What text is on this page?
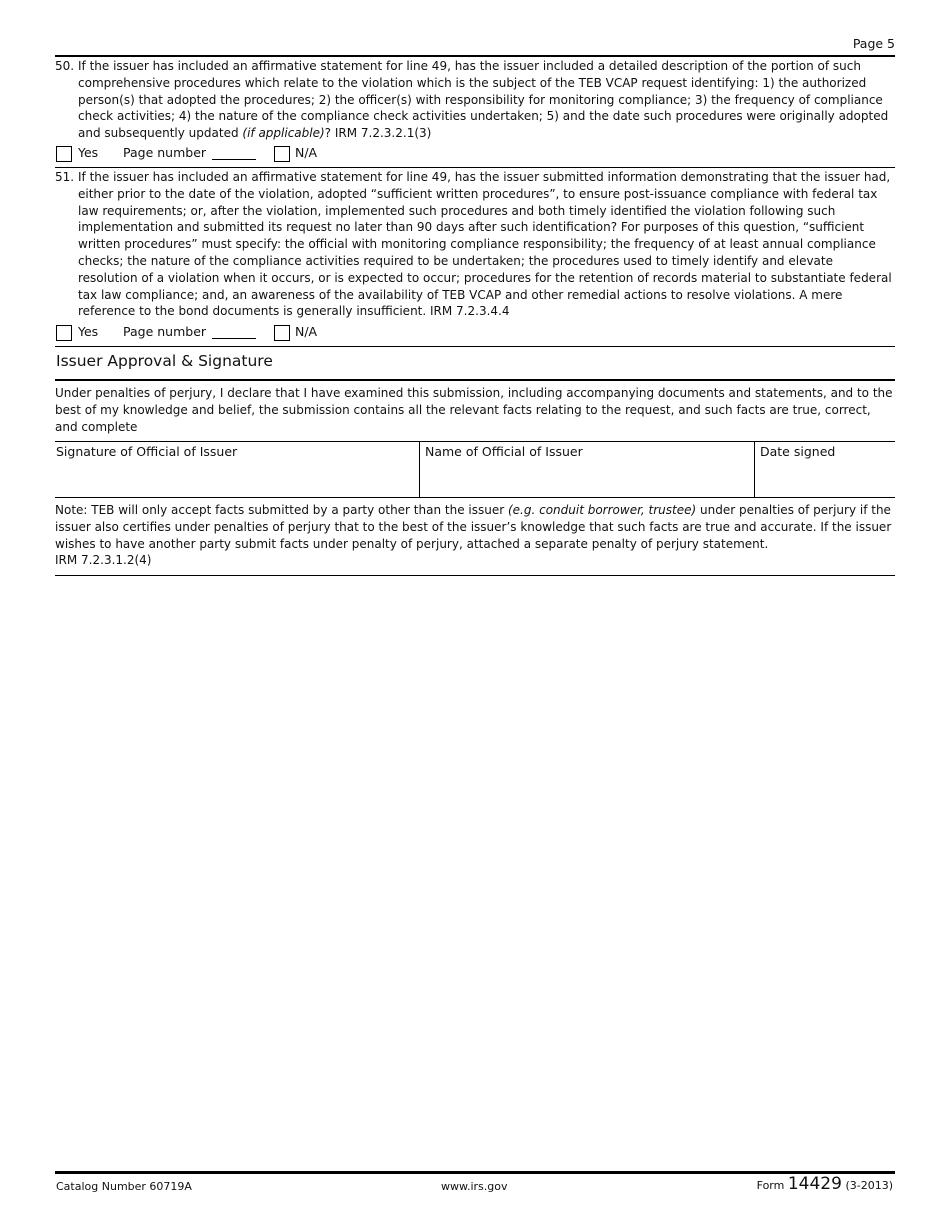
Page 5
50. If the issuer has included an affirmative statement for line 49, has the issuer included a detailed description of the portion of such comprehensive procedures which relate to the violation which is the subject of the TEB VCAP request identifying: 1) the authorized person(s) that adopted the procedures; 2) the officer(s) with responsibility for monitoring compliance; 3) the frequency of compliance check activities; 4) the nature of the compliance check activities undertaken; 5) and the date such procedures were originally adopted and subsequently updated (if applicable)? IRM 7.2.3.2.1(3)
Yes Page number	N/A
51. If the issuer has included an affirmative statement for line 49, has the issuer submitted information demonstrating that the issuer had, either prior to the date of the violation, adopted “sufficient written procedures”, to ensure post-issuance compliance with federal tax law requirements; or, after the violation, implemented such procedures and both timely identified the violation following such implementation and submitted its request no later than 90 days after such identification? For purposes of this question, “sufficient written procedures” must specify: the official with monitoring compliance responsibility; the frequency of at least annual compliance checks; the nature of the compliance activities required to be undertaken; the procedures used to timely identify and elevate resolution of a violation when it occurs, or is expected to occur; procedures for the retention of records material to substantiate federal tax law compliance; and, an awareness of the availability of TEB VCAP and other remedial actions to resolve violations. A mere reference to the bond documents is generally insufficient. IRM 7.2.3.4.4
Yes Page number	N/A
Issuer Approval & Signature
Under penalties of perjury, I declare that I have examined this submission, including accompanying documents and statements, and to the best of my knowledge and belief, the submission contains all the relevant facts relating to the request, and such facts are true, correct, and complete
Signature of Official of Issuer	Name of Official of Issuer	Date signed
Note: TEB will only accept facts submitted by a party other than the issuer (e.g. conduit borrower, trustee) under penalties of perjury if the issuer also certifies under penalties of perjury that to the best of the issuer’s knowledge that such facts are true and accurate. If the issuer wishes to have another party submit facts under penalty of perjury, attached a separate penalty of perjury statement.
IRM 7.2.3.1.2(4)
Catalog Number 60719A	www.irs.gov	Form 14429 (3-2013)
